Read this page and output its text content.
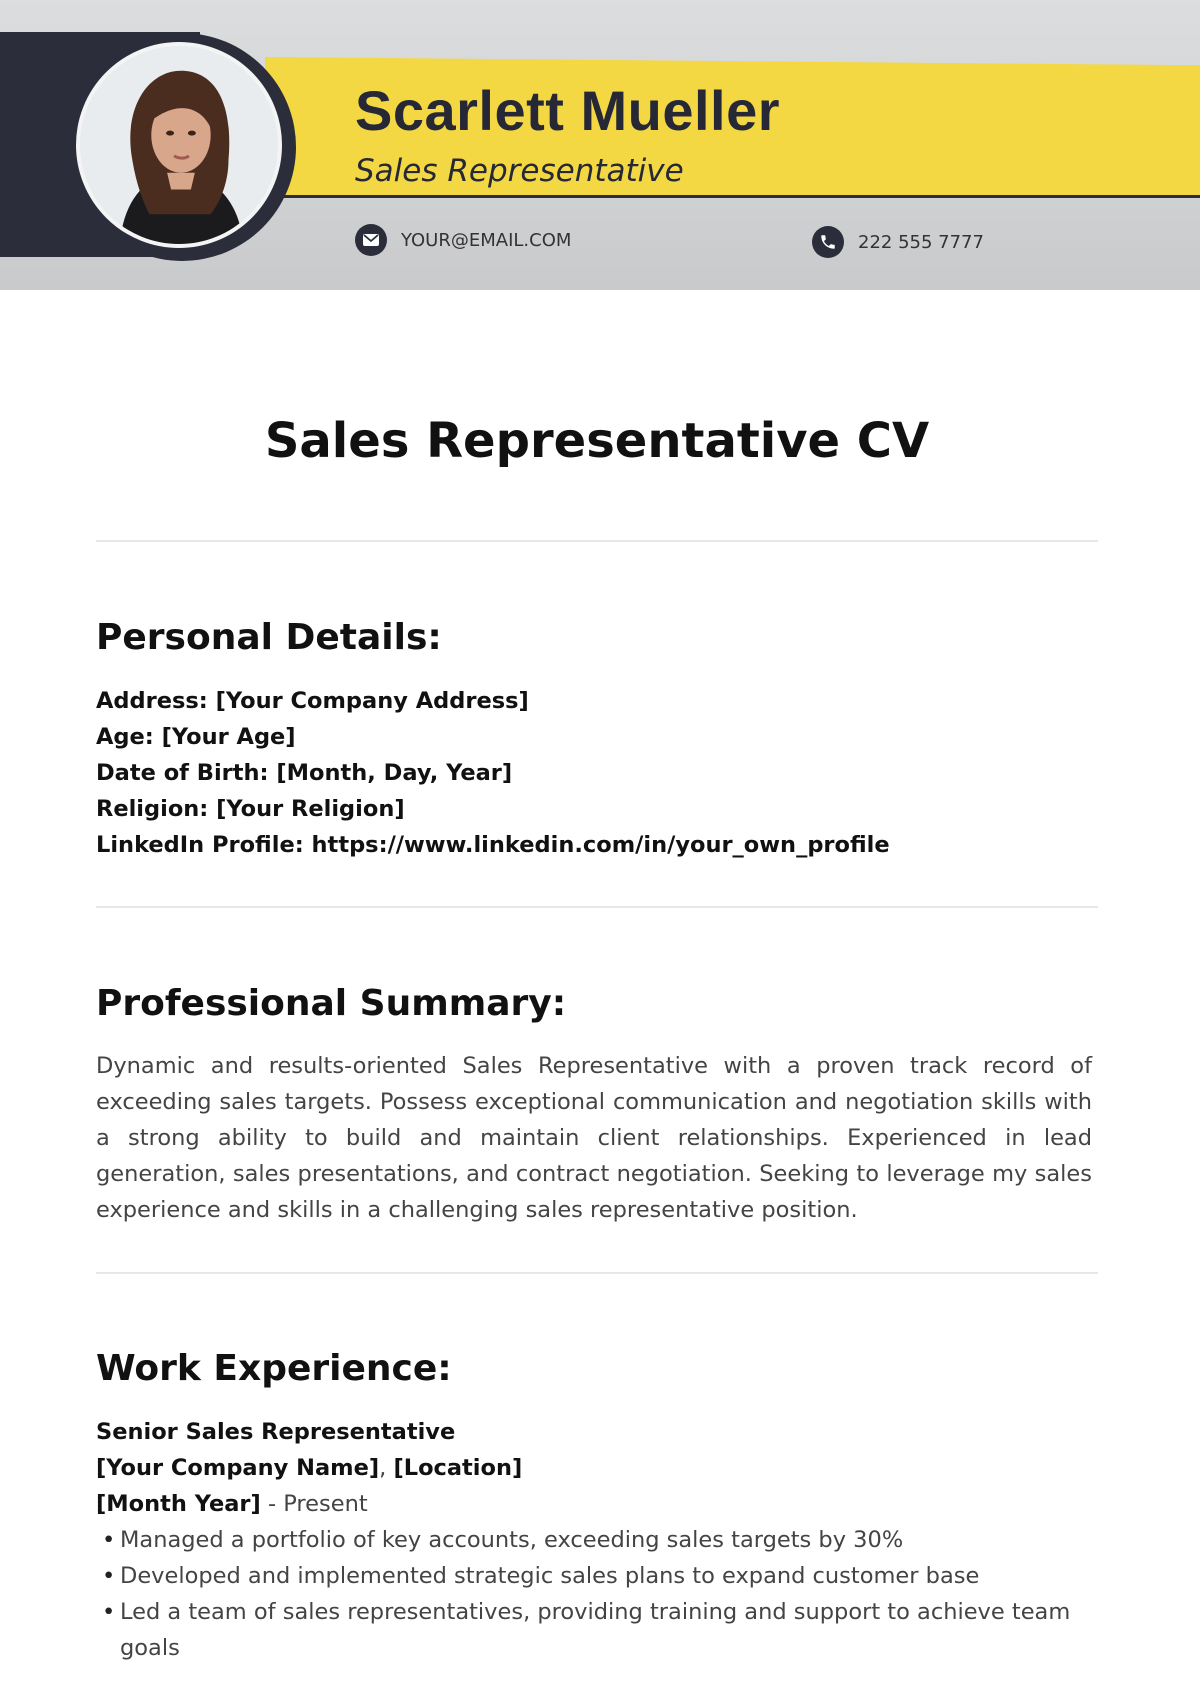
Scarlett Mueller
Sales Representative
YOUR@EMAIL.COM	222 555 7777
Sales Representative CV
Personal Details:
Address: [Your Company Address]
Age: [Your Age]
Date of Birth: [Month, Day, Year]
Religion: [Your Religion]
LinkedIn Profile: https://www.linkedin.com/in/your_own_profile
Professional Summary:
Dynamic and results-oriented Sales Representative with a proven track record of exceeding sales targets. Possess exceptional communication and negotiation skills with a strong ability to build and maintain client relationships. Experienced in lead generation, sales presentations, and contract negotiation. Seeking to leverage my sales experience and skills in a challenging sales representative position.
Work Experience:
Senior Sales Representative
[Your Company Name], [Location]
[Month Year] - Present
• Managed a portfolio of key accounts, exceeding sales targets by 30%
• Developed and implemented strategic sales plans to expand customer base
• Led a team of sales representatives, providing training and support to achieve team goals
